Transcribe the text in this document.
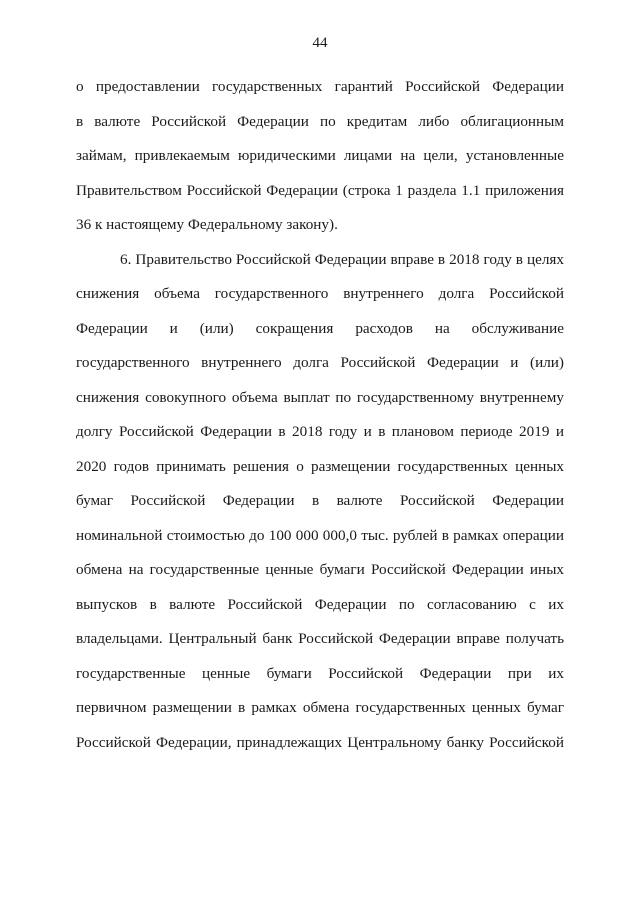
44
о предоставлении государственных гарантий Российской Федерации
в валюте Российской Федерации по кредитам либо облигационным
займам, привлекаемым юридическими лицами на цели, установленные
Правительством Российской Федерации (строка 1 раздела 1.1 приложения
36 к настоящему Федеральному закону).
6. Правительство Российской Федерации вправе в 2018 году в целях
снижения объема государственного внутреннего долга Российской
Федерации и (или) сокращения расходов на обслуживание
государственного внутреннего долга Российской Федерации и (или)
снижения совокупного объема выплат по государственному внутреннему
долгу Российской Федерации в 2018 году и в плановом периоде 2019 и
2020 годов принимать решения о размещении государственных ценных
бумаг Российской Федерации в валюте Российской Федерации
номинальной стоимостью до 100 000 000,0 тыс. рублей в рамках операции
обмена на государственные ценные бумаги Российской Федерации иных
выпусков в валюте Российской Федерации по согласованию с их
владельцами. Центральный банк Российской Федерации вправе получать
государственные ценные бумаги Российской Федерации при их
первичном размещении в рамках обмена государственных ценных бумаг
Российской Федерации, принадлежащих Центральному банку Российской
